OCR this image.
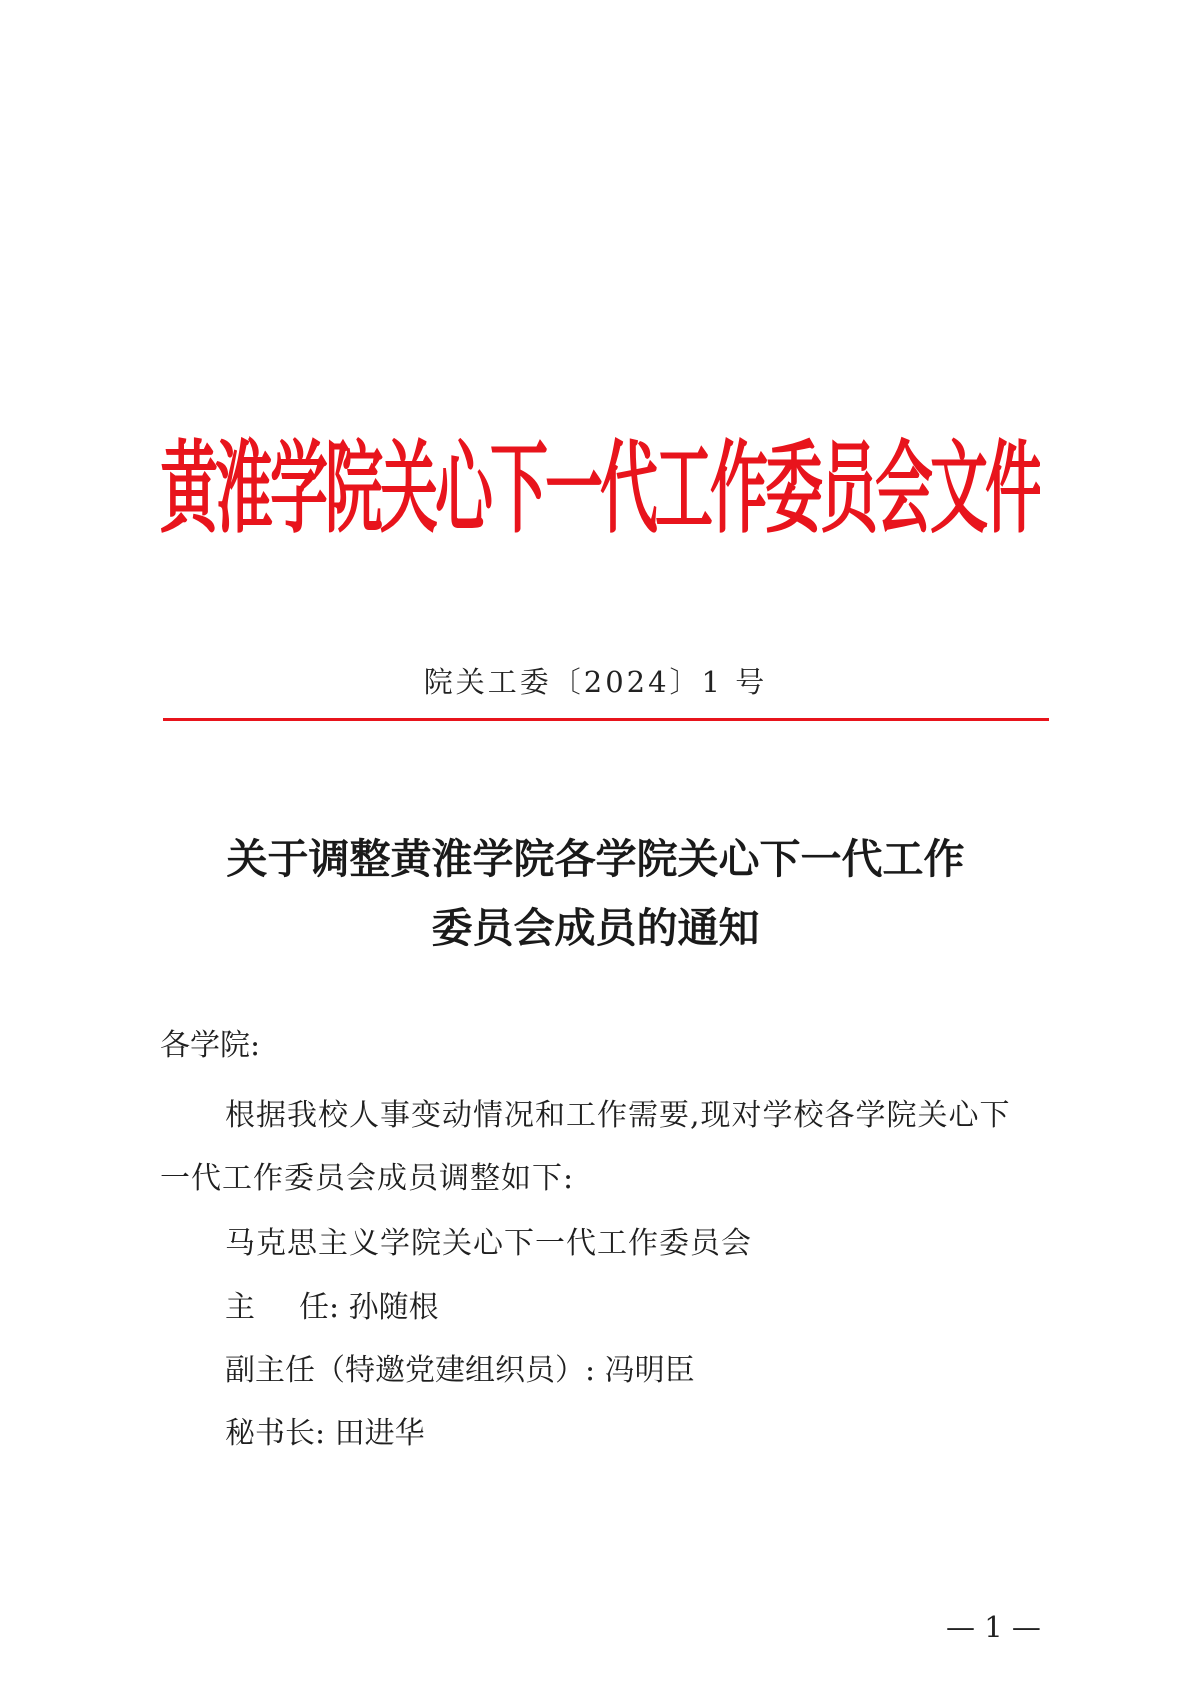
黄淮学院关心下一代工作委员会文件
院关工委〔2024〕1 号
关于调整黄淮学院各学院关心下一代工作
委员会成员的通知
各学院:
根据我校人事变动情况和工作需要,现对学校各学院关心下
一代工作委员会成员调整如下:
马克思主义学院关心下一代工作委员会
主 任: 孙随根
副主任（特邀党建组织员）: 冯明臣
秘书长: 田进华
— 1 —
